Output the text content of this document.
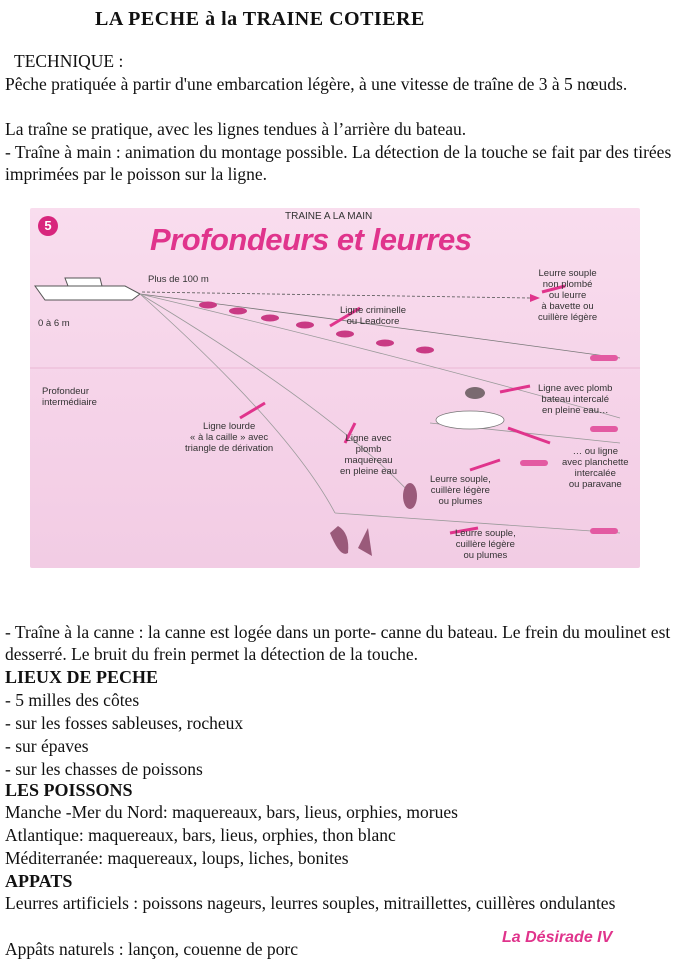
LA PECHE à la TRAINE COTIERE
TECHNIQUE :
Pêche pratiquée à partir d'une embarcation légère, à une vitesse de traîne de 3 à 5 nœuds.
La traîne se pratique, avec les lignes tendues à l’arrière du bateau.
- Traîne à main : animation du montage possible. La détection de la touche se fait par des tirées imprimées par le poisson sur la ligne.
5
TRAINE A LA MAIN
Profondeurs et leurres
Plus de 100 m
0 à 6 m
Profondeur
intermédiaire
Ligne criminelle
ou Leadcore
Leurre souple
non plombé
ou leurre
à bavette ou
cuillère légère
Ligne avec plomb
bateau intercalé
en pleine eau…
Ligne lourde
« à la caille » avec
triangle de dérivation
Ligne avec
plomb
maquereau
en pleine eau
… ou ligne
avec planchette
intercalée
ou paravane
Leurre souple,
cuillère légère
ou plumes
Leurre souple,
cuillère légère
ou plumes
- Traîne à la canne : la canne est logée dans un porte- canne du bateau. Le frein du moulinet est desserré. Le bruit du frein permet la détection de la touche.
LIEUX DE PECHE
- 5 milles des côtes
- sur les fosses sableuses, rocheux
- sur épaves
- sur les chasses de poissons
LES POISSONS
Manche -Mer du Nord: maquereaux, bars, lieus, orphies, morues
Atlantique: maquereaux, bars, lieus, orphies, thon blanc
Méditerranée: maquereaux, loups, liches, bonites
APPATS
Leurres artificiels : poissons nageurs, leurres souples, mitraillettes, cuillères ondulantes
Appâts naturels : lançon, couenne de porc
La Désirade IV
